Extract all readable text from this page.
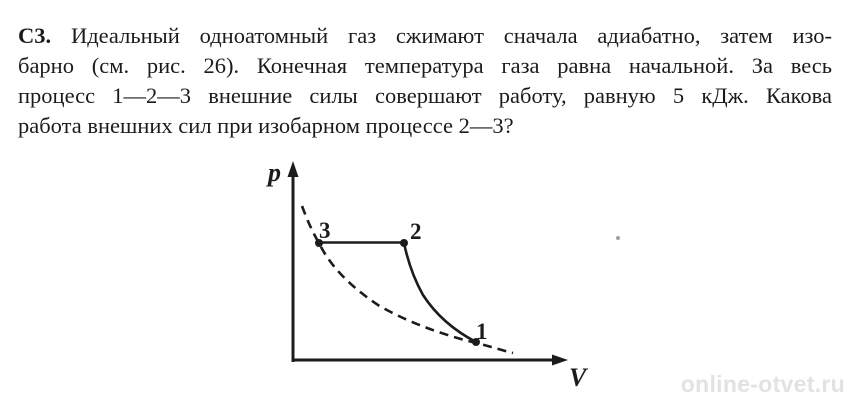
С3. Идеальный одноатомный газ сжимают сначала адиабатно, затем изо-
барно (см. рис. 26). Конечная температура газа равна начальной. За весь
процесс 1—2—3 внешние силы совершают работу, равную 5 кДж. Какова
работа внешних сил при изобарном процессе 2—3?
p
V
3	2
1
online-otvet.ru
